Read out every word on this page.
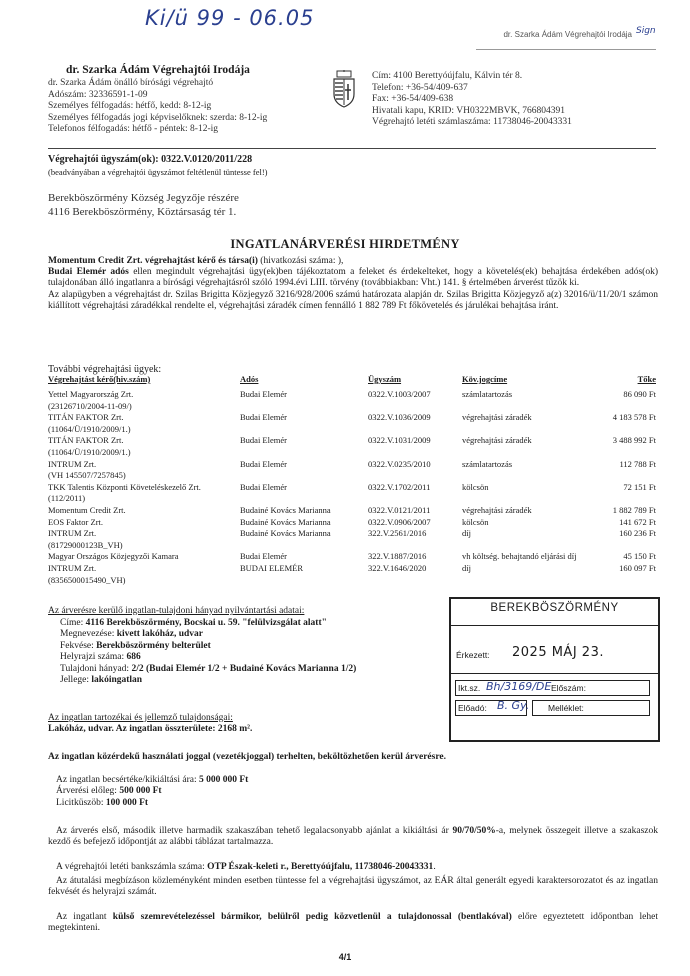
Ki/ü 99 - 06.05
Sign
dr. Szarka Ádám Végrehajtói Irodája
dr. Szarka Ádám Végrehajtói Irodája
dr. Szarka Ádám önálló bírósági végrehajtó
Adószám: 32336591-1-09
Személyes félfogadás: hétfő, kedd: 8-12-ig
Személyes félfogadás jogi képviselőknek: szerda: 8-12-ig
Telefonos félfogadás: hétfő - péntek: 8-12-ig
Cím: 4100 Berettyóújfalu, Kálvin tér 8.
Telefon: +36-54/409-637
Fax: +36-54/409-638
Hivatali kapu, KRID: VH0322MBVK, 766804391
Végrehajtó letéti számlaszáma: 11738046-20043331
Végrehajtói ügyszám(ok): 0322.V.0120/2011/228
(beadványában a végrehajtói ügyszámot feltétlenül tüntesse fel!)
Berekböszörmény Község Jegyzője részére
4116 Berekböszörmény, Köztársaság tér 1.
INGATLANÁRVERÉSI HIRDETMÉNY
Momentum Credit Zrt. végrehajtást kérő és társa(i) (hivatkozási száma: ),
Budai Elemér adós ellen megindult végrehajtási ügy(ek)ben tájékoztatom a feleket és érdekelteket, hogy a követelés(ek) behajtása érdekében adós(ok) tulajdonában álló ingatlanra a bírósági végrehajtásról szóló 1994.évi LIII. törvény (továbbiakban: Vht.) 141. § értelmében árverést tűzök ki.
Az alapügyben a végrehajtást dr. Szilas Brigitta Közjegyző 3216/928/2006 számú határozata alapján dr. Szilas Brigitta Közjegyző a(z) 32016/ü/11/20/1 számon kiállított végrehajtási záradékkal rendelte el, végrehajtási záradék címen fennálló 1 882 789 Ft főkövetelés és járulékai behajtása iránt.
További végrehajtási ügyek:
Végrehajtást kérő(hiv.szám)	Adós	Ügyszám	Köv.jogcíme	Tőke
Yettel Magyarország Zrt.	Budai Elemér	0322.V.1003/2007	számlatartozás	86 090 Ft
(23126710/2004-11-09/)
TITÁN FAKTOR Zrt.	Budai Elemér	0322.V.1036/2009	végrehajtási záradék	4 183 578 Ft
(11064/Ü/1910/2009/1.)
TITÁN FAKTOR Zrt.	Budai Elemér	0322.V.1031/2009	végrehajtási záradék	3 488 992 Ft
(11064/Ü/1910/2009/1.)
INTRUM Zrt.	Budai Elemér	0322.V.0235/2010	számlatartozás	112 788 Ft
(VH 145507/7257845)
TKK Talentis Központi Követeléskezelő Zrt.	Budai Elemér	0322.V.1702/2011	kölcsön	72 151 Ft
(112/2011)
Momentum Credit Zrt.	Budainé Kovács Marianna	0322.V.0121/2011	végrehajtási záradék	1 882 789 Ft
EOS Faktor Zrt.	Budainé Kovács Marianna	0322.V.0906/2007	kölcsön	141 672 Ft
INTRUM Zrt.	Budainé Kovács Marianna	322.V.2561/2016	díj	160 236 Ft
(81729000123B_VH)
Magyar Országos Közjegyzői Kamara	Budai Elemér	322.V.1887/2016	vh költség. behajtandó eljárási díj	45 150 Ft
INTRUM Zrt.	BUDAI ELEMÉR	322.V.1646/2020	díj	160 097 Ft
(8356500015490_VH)
BEREKBÖSZÖRMÉNY
Érkezett: 2025 MÁJ 23.
Ikt.sz. Bh/3169/DE Előszám:
Előadó: B. Gy. Melléklet:
Az árverésre kerülő ingatlan-tulajdoni hányad nyilvántartási adatai:
Címe: 4116 Berekböszörmény, Bocskai u. 59. "felülvizsgálat alatt"
Megnevezése: kivett lakóház, udvar
Fekvése: Berekböszörmény belterület
Helyrajzi száma: 686
Tulajdoni hányad: 2/2 (Budai Elemér 1/2 + Budainé Kovács Marianna 1/2)
Jellege: lakóingatlan
Az ingatlan tartozékai és jellemző tulajdonságai:
Lakóház, udvar. Az ingatlan összterülete: 2168 m².
Az ingatlan közérdekű használati joggal (vezetékjoggal) terhelten, beköltözhetően kerül árverésre.
Az ingatlan becsértéke/kikiáltási ára: 5 000 000 Ft
Árverési előleg: 500 000 Ft
Licitküszöb: 100 000 Ft
Az árverés első, második illetve harmadik szakaszában tehető legalacsonyabb ajánlat a kikiáltási ár 90/70/50%-a, melynek összegeit illetve a szakaszok kezdő és befejező időpontját az alábbi táblázat tartalmazza.
A végrehajtói letéti bankszámla száma: OTP Észak-keleti r., Berettyóújfalu, 11738046-20043331.
Az átutalási megbízáson közleményként minden esetben tüntesse fel a végrehajtási ügyszámot, az EÁR által generált egyedi karaktersorozatot és az ingatlan fekvését és helyrajzi számát.
Az ingatlant külső szemrevételezéssel bármikor, belülről pedig közvetlenül a tulajdonossal (bentlakóval) előre egyeztetett időpontban lehet megtekinteni.
4/1
